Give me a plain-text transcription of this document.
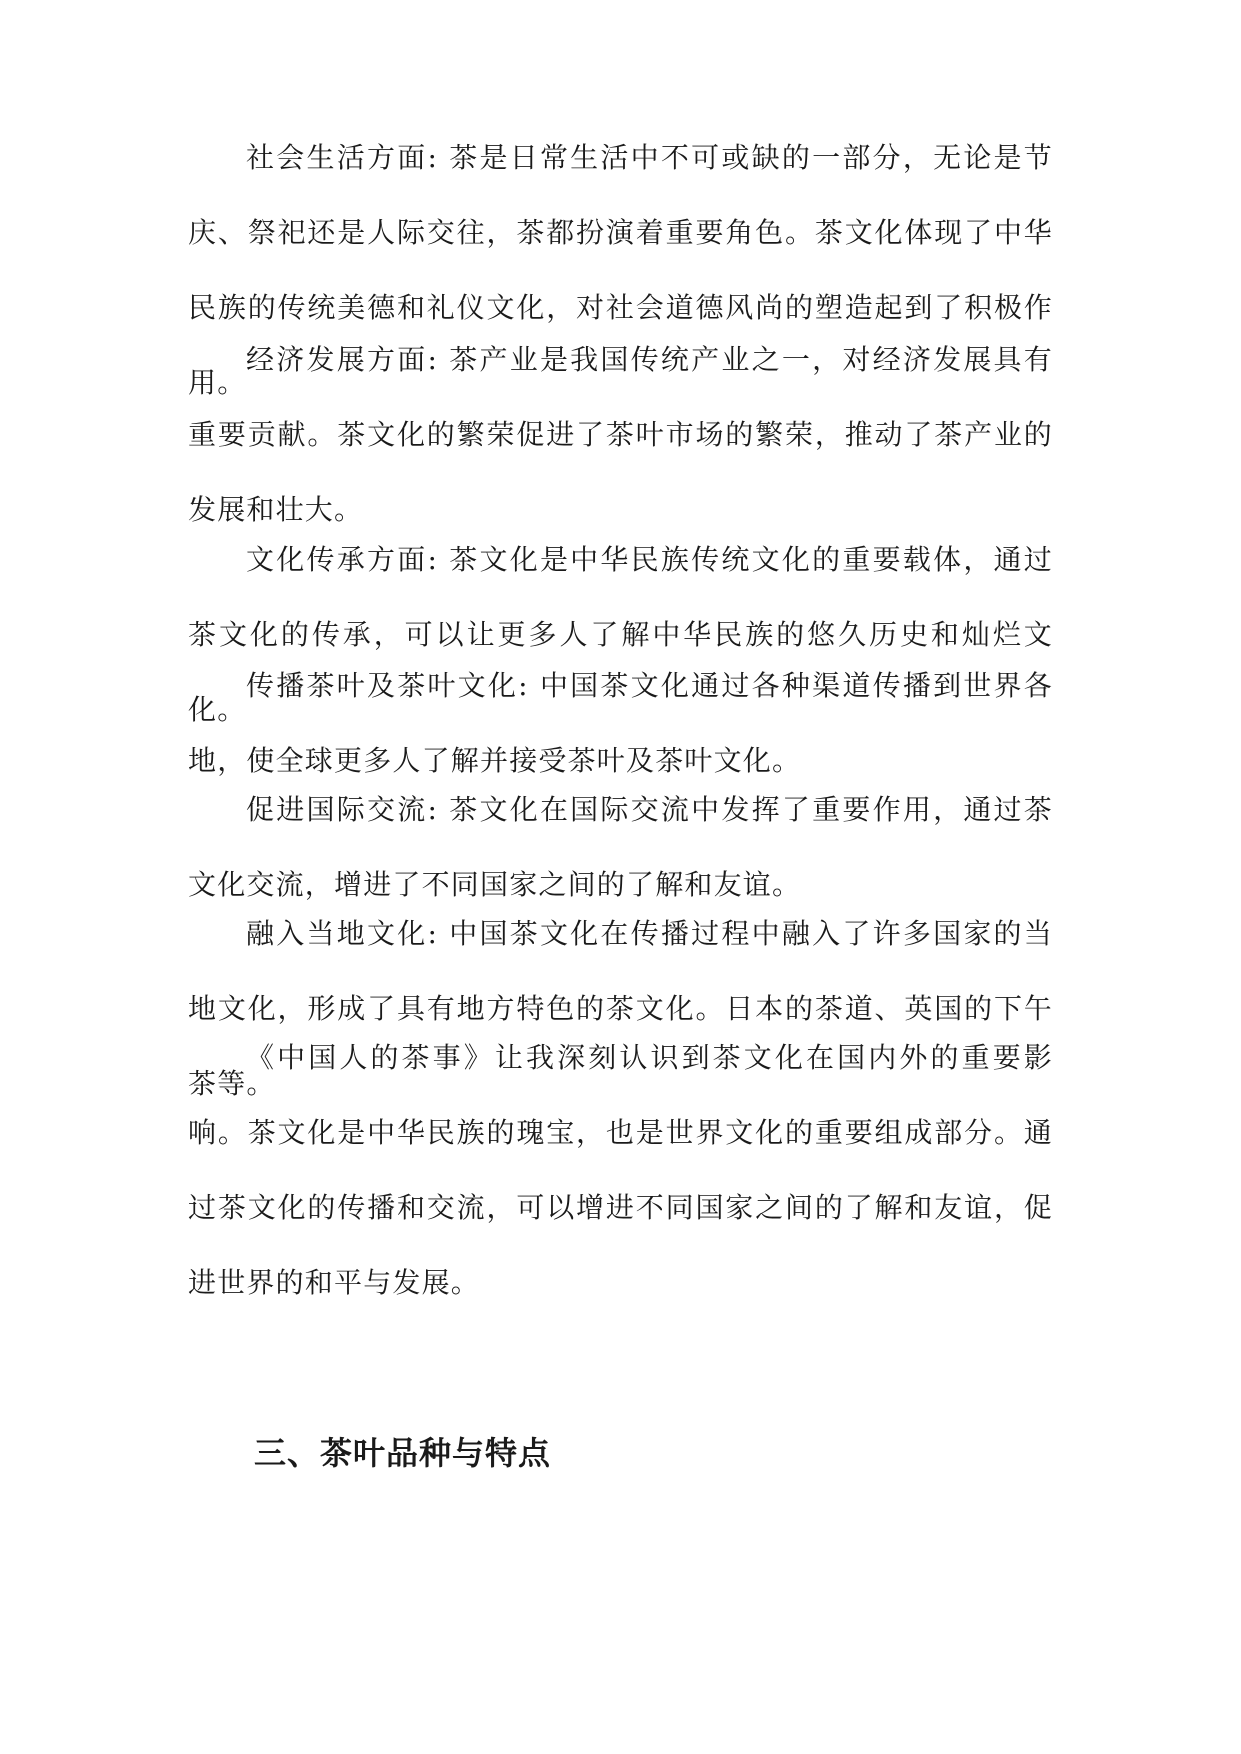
社会生活方面: 茶是日常生活中不可或缺的一部分，无论是节庆、祭祀还是人际交往，茶都扮演着重要角色。茶文化体现了中华民族的传统美德和礼仪文化，对社会道德风尚的塑造起到了积极作用。

经济发展方面: 茶产业是我国传统产业之一，对经济发展具有重要贡献。茶文化的繁荣促进了茶叶市场的繁荣，推动了茶产业的发展和壮大。

文化传承方面: 茶文化是中华民族传统文化的重要载体，通过茶文化的传承，可以让更多人了解中华民族的悠久历史和灿烂文化。

传播茶叶及茶叶文化: 中国茶文化通过各种渠道传播到世界各地，使全球更多人了解并接受茶叶及茶叶文化。

促进国际交流: 茶文化在国际交流中发挥了重要作用，通过茶文化交流，增进了不同国家之间的了解和友谊。

融入当地文化: 中国茶文化在传播过程中融入了许多国家的当地文化，形成了具有地方特色的茶文化。日本的茶道、英国的下午茶等。

《中国人的茶事》让我深刻认识到茶文化在国内外的重要影响。茶文化是中华民族的瑰宝，也是世界文化的重要组成部分。通过茶文化的传播和交流，可以增进不同国家之间的了解和友谊，促进世界的和平与发展。

三、茶叶品种与特点
